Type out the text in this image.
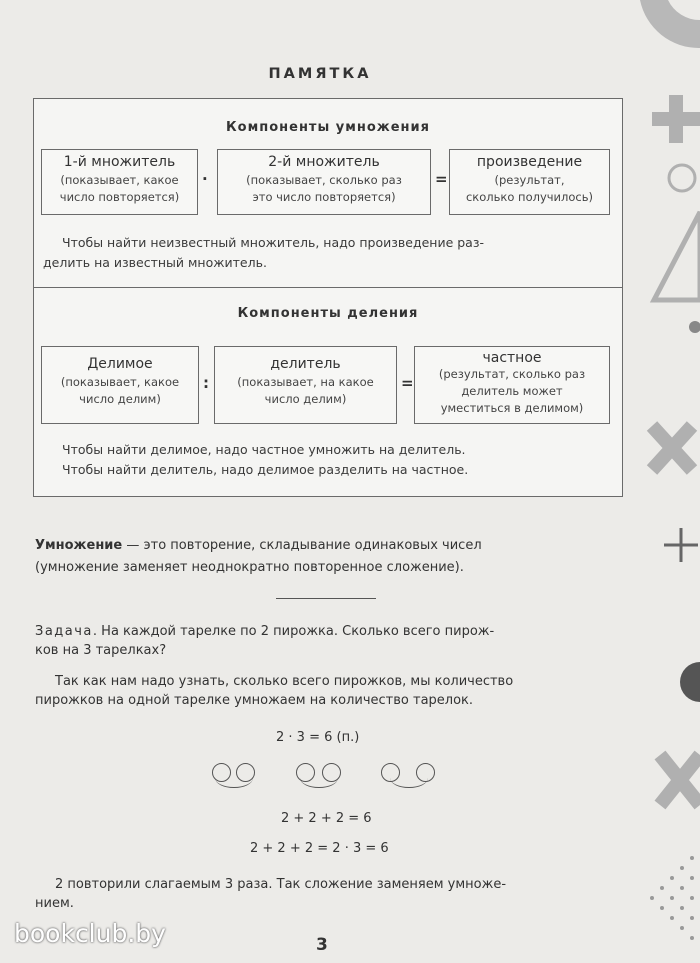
ПАМЯТКА
Компоненты умножения
1-й множитель
(показывает, какое
число повторяется)
·
2-й множитель
(показывает, сколько раз
это число повторяется)
=
произведение
(результат,
сколько получилось)
Чтобы найти неизвестный множитель, надо произведение раз-
делить на известный множитель.
Компоненты деления
Делимое
(показывает, какое
число делим)
:
делитель
(показывает, на какое
число делим)
=
частное
(результат, сколько раз
делитель может
уместиться в делимом)
Чтобы найти делимое, надо частное умножить на делитель.
Чтобы найти делитель, надо делимое разделить на частное.
Умножение — это повторение, складывание одинаковых чисел
(умножение заменяет неоднократно повторенное сложение).
Задача. На каждой тарелке по 2 пирожка. Сколько всего пирож-
ков на 3 тарелках?
Так как нам надо узнать, сколько всего пирожков, мы количество
пирожков на одной тарелке умножаем на количество тарелок.
2 · 3 = 6 (п.)
2 + 2 + 2 = 6
2 + 2 + 2 = 2 · 3 = 6
2 повторили слагаемым 3 раза. Так сложение заменяем умноже-
нием.
bookclub.by	3
